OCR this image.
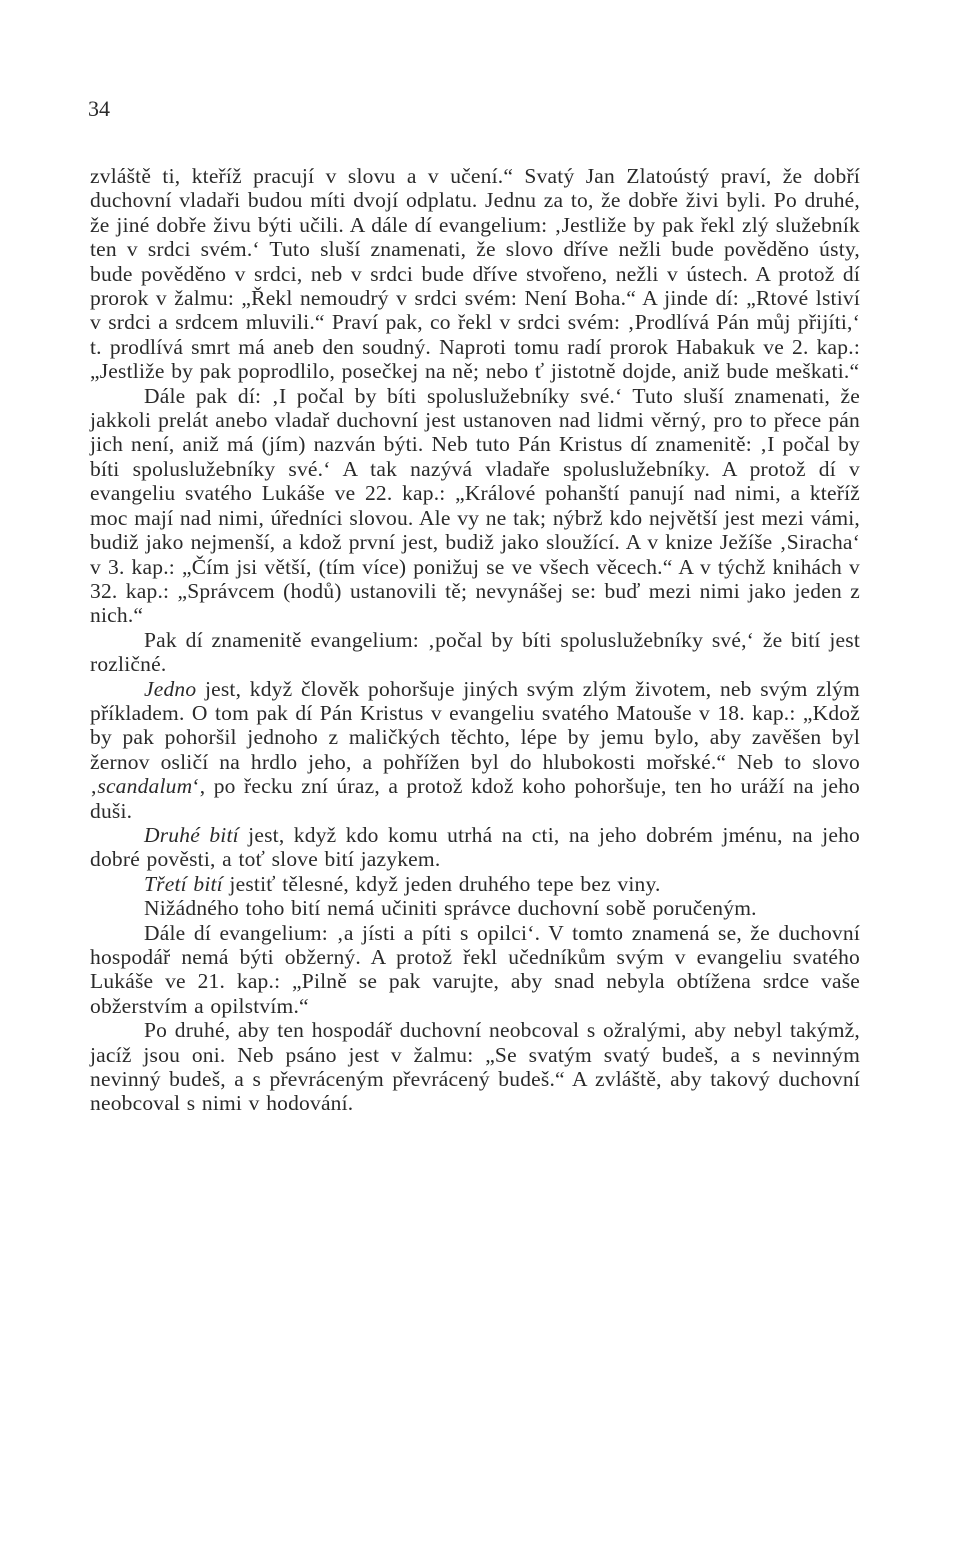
34

zvláště ti, kteříž pracují v slovu a v učení.“ Svatý Jan Zlatoústý praví, že dobří duchovní vladaři budou míti dvojí odplatu. Jednu za to, že dobře živi byli. Po druhé, že jiné dobře živu býti učili. A dále dí evangelium: ‚Jestliže by pak řekl zlý služebník ten v srdci svém.‘ Tuto sluší znamenati, že slovo dříve nežli bude pověděno ústy, bude pověděno v srdci, neb v srdci bude dříve stvořeno, nežli v ústech. A protož dí prorok v žalmu: „Řekl nemoudrý v srdci svém: Není Boha.“ A jinde dí: „Rtové lstiví v srdci a srdcem mluvili.“ Praví pak, co řekl v srdci svém: ‚Prodlívá Pán můj přijíti,‘ t. prodlívá smrt má aneb den soudný. Naproti tomu radí prorok Habakuk ve 2. kap.: „Jestliže by pak poprodlilo, posečkej na ně; nebo ť jistotně dojde, aniž bude meškati.“

Dále pak dí: ‚I počal by bíti spoluslužebníky své.‘ Tuto sluší znamenati, že jakkoli prelát anebo vladař duchovní jest ustanoven nad lidmi věrný, pro to přece pán jich není, aniž má (jím) nazván býti. Neb tuto Pán Kristus dí znamenitě: ‚I počal by bíti spoluslužebníky své.‘ A tak nazývá vladaře spoluslužebníky. A protož dí v evangeliu svatého Lukáše ve 22. kap.: „Králové pohanští panují nad nimi, a kteříž moc mají nad nimi, úředníci slovou. Ale vy ne tak; nýbrž kdo největší jest mezi vámi, budiž jako nejmenší, a kdož první jest, budiž jako sloužící. A v knize Ježíše ‚Siracha‘ v 3. kap.: „Čím jsi větší, (tím více) ponižuj se ve všech věcech.“ A v týchž knihách v 32. kap.: „Správcem (hodů) ustanovili tě; nevynášej se: buď mezi nimi jako jeden z nich.“

Pak dí znamenitě evangelium: ‚počal by bíti spoluslužebníky své,‘ že bití jest rozličné.

Jedno jest, když člověk pohoršuje jiných svým zlým životem, neb svým zlým příkladem. O tom pak dí Pán Kristus v evangeliu svatého Matouše v 18. kap.: „Kdož by pak pohoršil jednoho z maličkých těchto, lépe by jemu bylo, aby zavěšen byl žernov osličí na hrdlo jeho, a pohřížen byl do hlubokosti mořské.“ Neb to slovo ‚scandalum‘, po řecku zní úraz, a protož kdož koho pohoršuje, ten ho uráží na jeho duši.

Druhé bití jest, když kdo komu utrhá na cti, na jeho dobrém jménu, na jeho dobré pověsti, a toť slove bití jazykem.

Třetí bití jestiť tělesné, když jeden druhého tepe bez viny.

Nižádného toho bití nemá učiniti správce duchovní sobě poručeným.

Dále dí evangelium: ‚a jísti a píti s opilci‘. V tomto znamená se, že duchovní hospodář nemá býti obžerný. A protož řekl učedníkům svým v evangeliu svatého Lukáše ve 21. kap.: „Pilně se pak varujte, aby snad nebyla obtížena srdce vaše obžerstvím a opilstvím.“

Po druhé, aby ten hospodář duchovní neobcoval s ožralými, aby nebyl takýmž, jacíž jsou oni. Neb psáno jest v žalmu: „Se svatým svatý budeš, a s nevinným nevinný budeš, a s převráceným převrácený budeš.“ A zvláště, aby takový duchovní neobcoval s nimi v hodování.
